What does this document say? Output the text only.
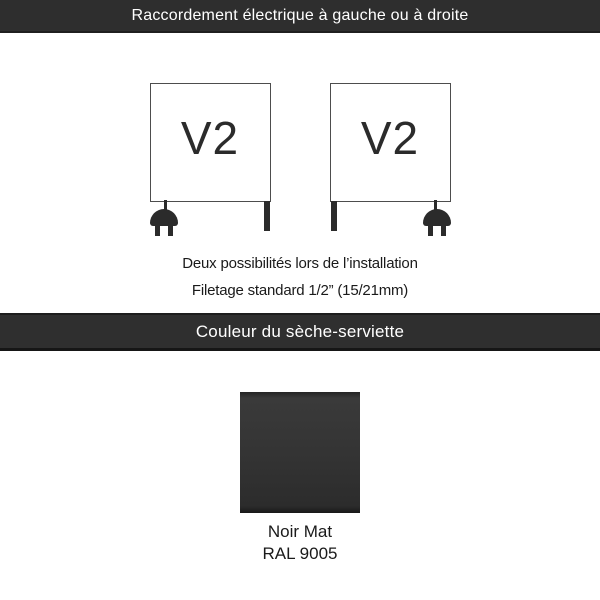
Raccordement électrique à gauche ou à droite
V2	V2

Deux possibilités lors de l’installation

Filetage standard 1/2” (15/21mm)

Couleur du sèche-serviette

Noir Mat

RAL 9005
